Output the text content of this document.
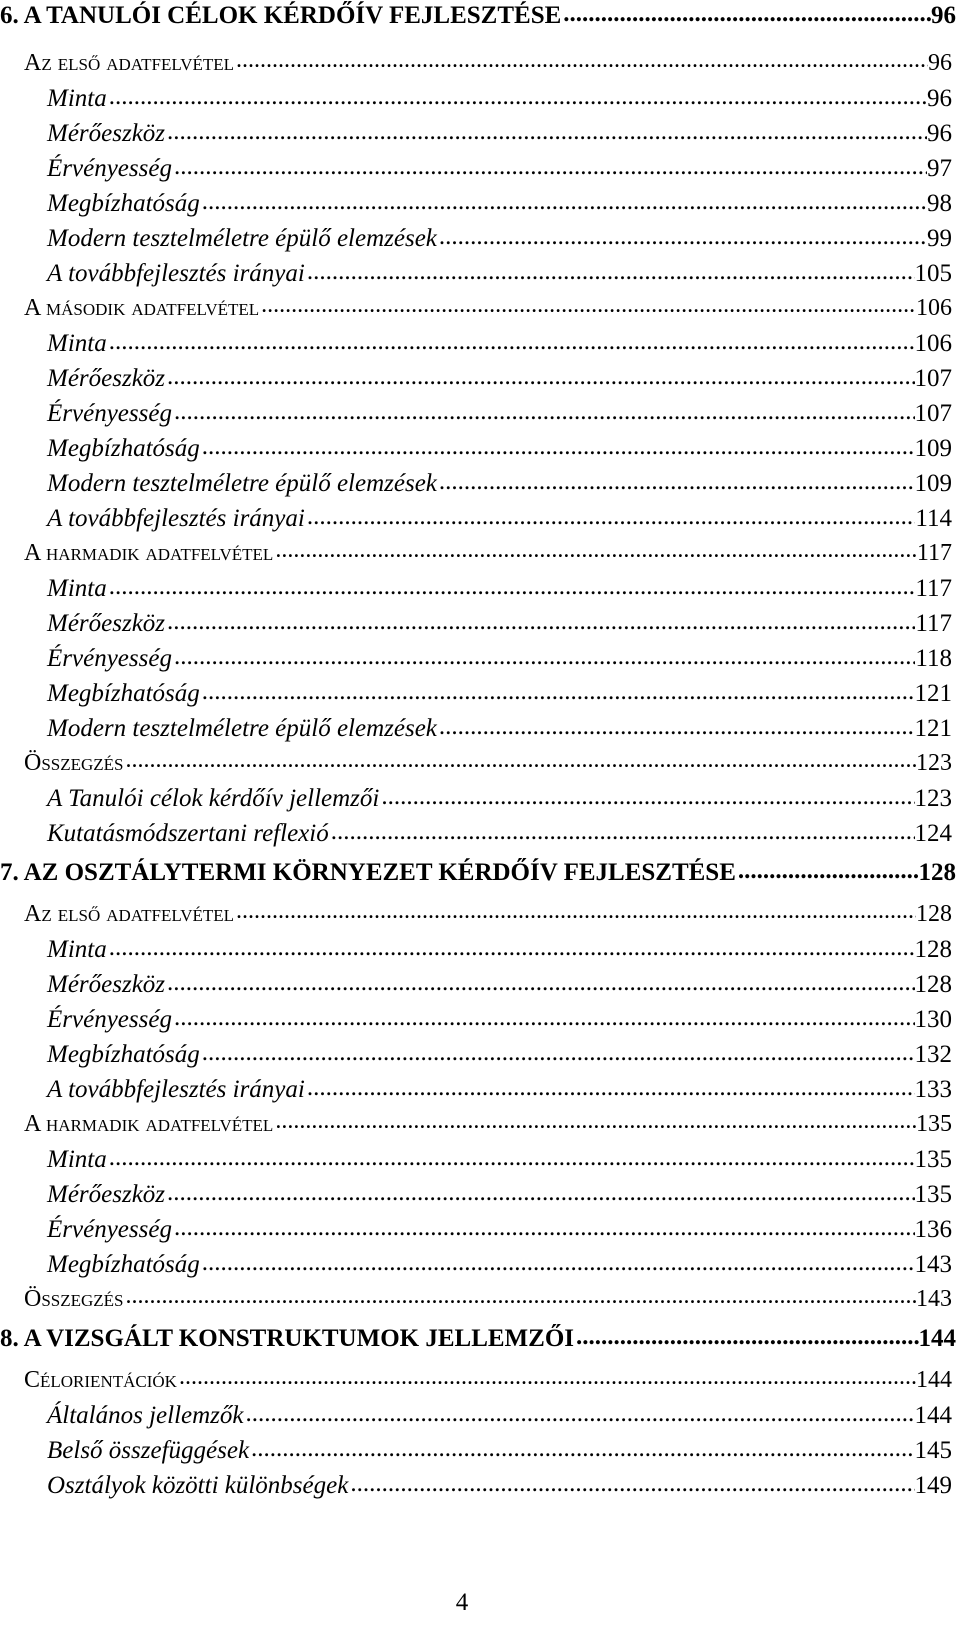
6. A TANULÓI CÉLOK KÉRDŐÍV FEJLESZTÉSE .....	96
Az első adatfelvétel .....	96
Minta .....	96
Mérőeszköz .....	96
Érvényesség .....	97
Megbízhatóság .....	98
Modern tesztelméletre épülő elemzések .....	99
A továbbfejlesztés irányai .....	105
A második adatfelvétel .....	106
Minta .....	106
Mérőeszköz .....	107
Érvényesség .....	107
Megbízhatóság .....	109
Modern tesztelméletre épülő elemzések .....	109
A továbbfejlesztés irányai .....	114
A harmadik adatfelvétel .....	117
Minta .....	117
Mérőeszköz .....	117
Érvényesség .....	118
Megbízhatóság .....	121
Modern tesztelméletre épülő elemzések .....	121
Összegzés .....	123
A Tanulói célok kérdőív jellemzői .....	123
Kutatásmódszertani reflexió .....	124
7. AZ OSZTÁLYTERMI KÖRNYEZET KÉRDŐÍV FEJLESZTÉSE .....	128
Az első adatfelvétel .....	128
Minta .....	128
Mérőeszköz .....	128
Érvényesség .....	130
Megbízhatóság .....	132
A továbbfejlesztés irányai .....	133
A harmadik adatfelvétel .....	135
Minta .....	135
Mérőeszköz .....	135
Érvényesség .....	136
Megbízhatóság .....	143
Összegzés .....	143
8. A VIZSGÁLT KONSTRUKTUMOK JELLEMZŐI .....	144
Célorientációk .....	144
Általános jellemzők .....	144
Belső összefüggések .....	145
Osztályok közötti különbségek .....	149
4
